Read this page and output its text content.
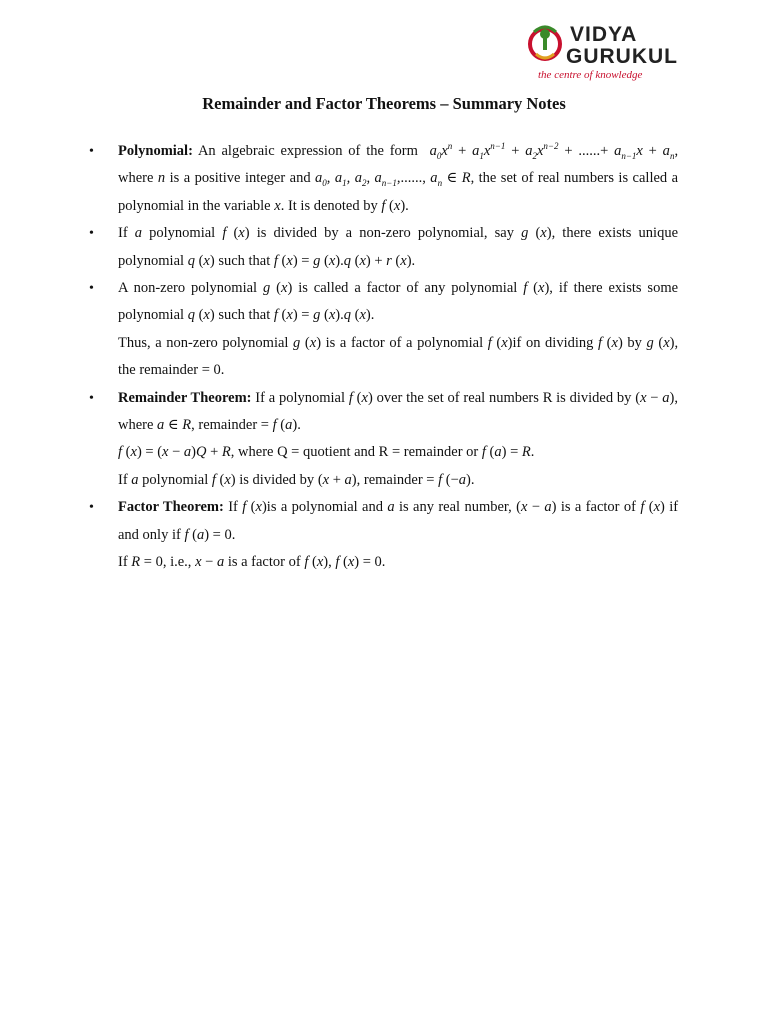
VIDYA
GURUKUL
the centre of knowledge
Remainder and Factor Theorems – Summary Notes

• Polynomial: An algebraic expression of the form  $a_0x^n + a_1x^{n-1} + a_2x^{n-2}$ + ......+ $a_{n-1}x + a_n$, where n is a positive integer and $a_0$, $a_1$, $a_2$, $a_{n-1}$,......, $a_n$ ∈ R, the set of real numbers is called a polynomial in the variable x. It is denoted by f (x).

• If a polynomial f (x) is divided by a non-zero polynomial, say g (x), there exists unique polynomial q (x) such that f (x) = g (x).q (x) + r (x).

• A non-zero polynomial g (x) is called a factor of any polynomial f (x), if there exists some polynomial q (x) such that f (x) = g (x).q (x).

Thus, a non-zero polynomial g (x) is a factor of a polynomial f (x)if on dividing f (x) by g (x), the remainder = 0.

• Remainder Theorem: If a polynomial f (x) over the set of real numbers R is divided by (x − a), where a ∈ R, remainder = f (a).

f (x) = (x − a)Q + R, where Q = quotient and R = remainder or f (a) = R.

If a polynomial f (x) is divided by (x + a), remainder = f (−a).

• Factor Theorem: If f (x)is a polynomial and a is any real number, (x − a) is a factor of f (x) if and only if f (a) = 0.

If R = 0, i.e., x − a is a factor of f (x), f (x) = 0.
